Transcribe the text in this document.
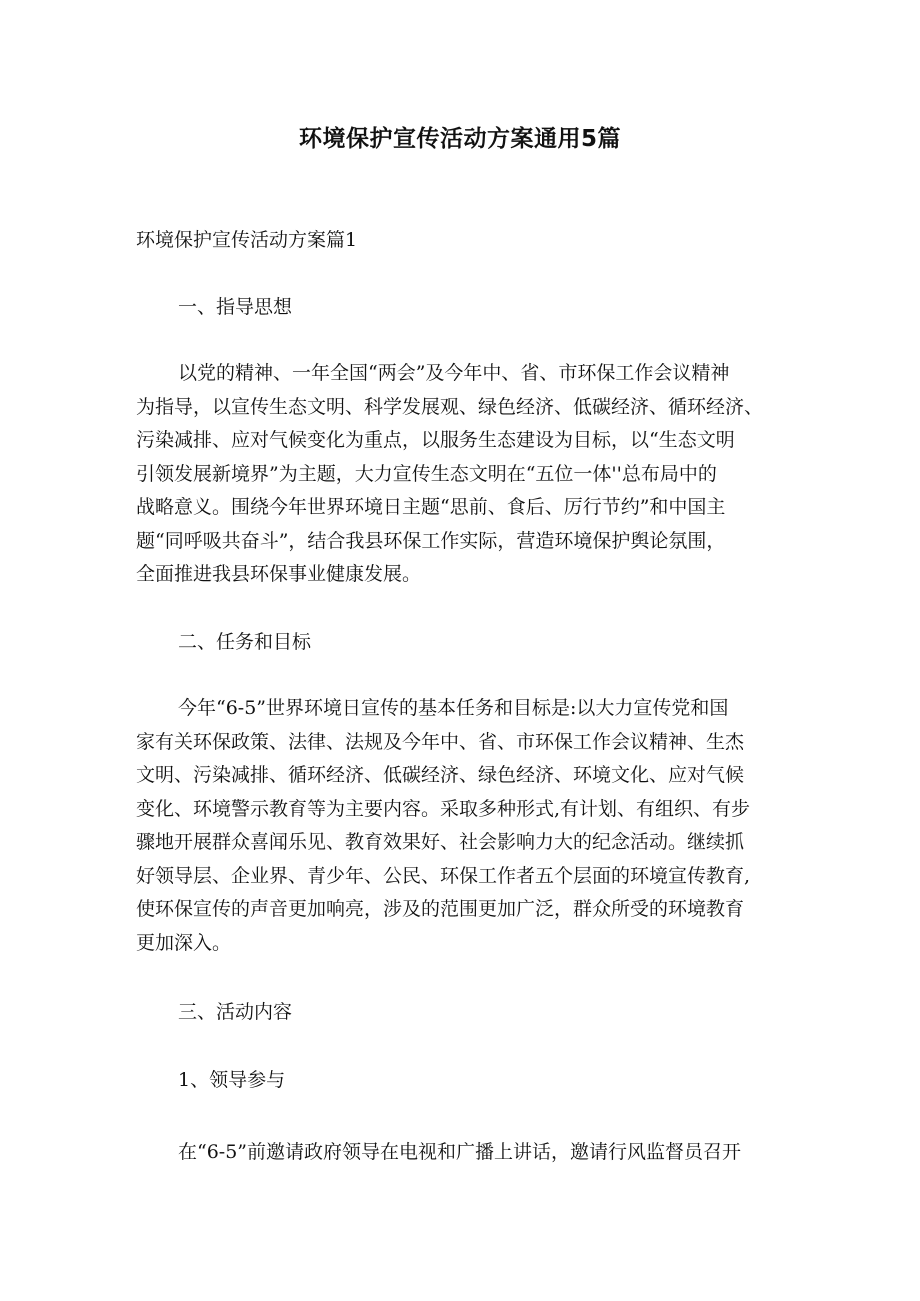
环境保护宣传活动方案通用5篇

环境保护宣传活动方案篇1

一、指导思想

以党的精神、一年全国“两会”及今年中、省、市环保工作会议精神
为指导，以宣传生态文明、科学发展观、绿色经济、低碳经济、循环经济、
污染减排、应对气候变化为重点，以服务生态建设为目标，以“生态文明
引领发展新境界”为主题，大力宣传生态文明在“五位一体''总布局中的
战略意义。围绕今年世界环境日主题“思前、食后、厉行节约”和中国主
题“同呼吸共奋斗”，结合我县环保工作实际，营造环境保护舆论氛围，
全面推进我县环保事业健康发展。

二、任务和目标

今年“6-5”世界环境日宣传的基本任务和目标是:以大力宣传党和国
家有关环保政策、法律、法规及今年中、省、市环保工作会议精神、生杰
文明、污染减排、循环经济、低碳经济、绿色经济、环境文化、应对气候
变化、环境警示教育等为主要内容。采取多种形式,有计划、有组织、有步
骤地开展群众喜闻乐见、教育效果好、社会影响力大的纪念活动。继续抓
好领导层、企业界、青少年、公民、环保工作者五个层面的环境宣传教育,
使环保宣传的声音更加响亮，涉及的范围更加广泛，群众所受的环境教育
更加深入。

三、活动内容

1、领导参与

在“6-5”前邀请政府领导在电视和广播上讲话，邀请行风监督员召开
